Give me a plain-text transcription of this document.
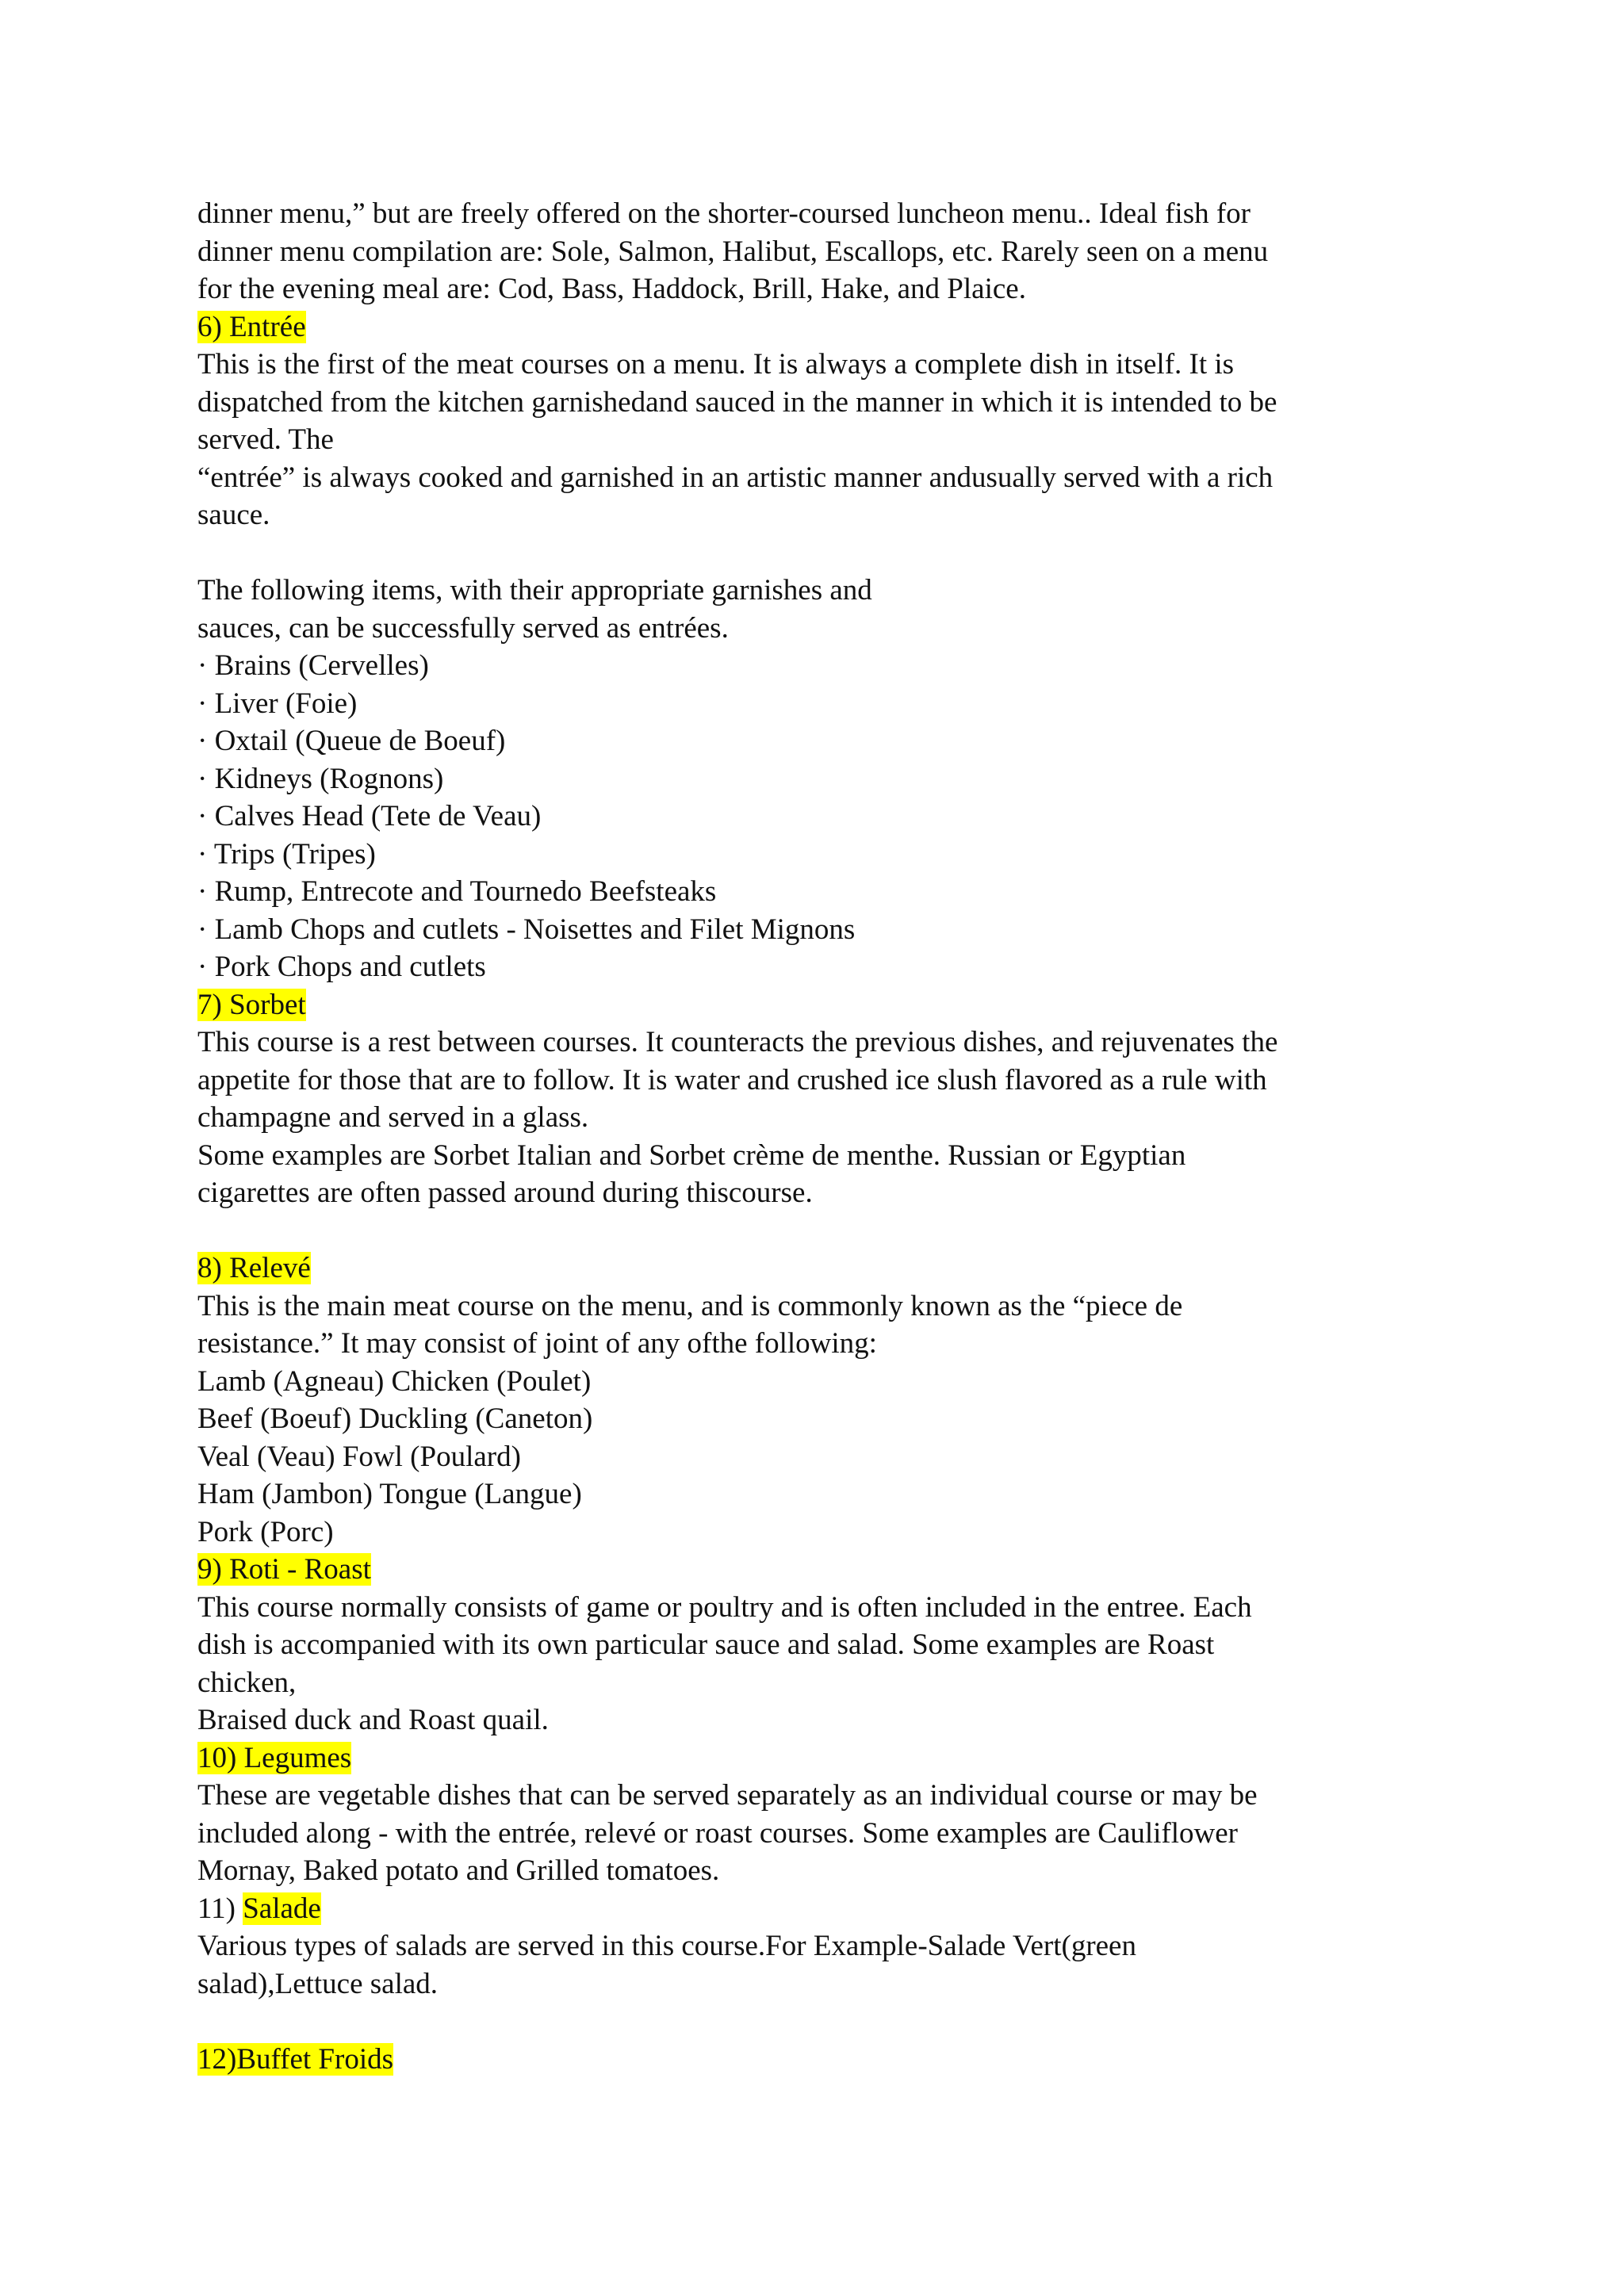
dinner menu,” but are freely offered on the shorter-coursed luncheon menu.. Ideal fish for
dinner menu compilation are: Sole, Salmon, Halibut, Escallops, etc. Rarely seen on a menu
for the evening meal are: Cod, Bass, Haddock, Brill, Hake, and Plaice.
6) Entrée
This is the first of the meat courses on a menu. It is always a complete dish in itself. It is
dispatched from the kitchen garnishedand sauced in the manner in which it is intended to be
served. The
“entrée” is always cooked and garnished in an artistic manner andusually served with a rich
sauce.
The following items, with their appropriate garnishes and
sauces, can be successfully served as entrées.
· Brains (Cervelles)
· Liver (Foie)
· Oxtail (Queue de Boeuf)
· Kidneys (Rognons)
· Calves Head (Tete de Veau)
· Trips (Tripes)
· Rump, Entrecote and Tournedo Beefsteaks
· Lamb Chops and cutlets - Noisettes and Filet Mignons
· Pork Chops and cutlets
7) Sorbet
This course is a rest between courses. It counteracts the previous dishes, and rejuvenates the
appetite for those that are to follow. It is water and crushed ice slush flavored as a rule with
champagne and served in a glass.
Some examples are Sorbet Italian and Sorbet crème de menthe. Russian or Egyptian
cigarettes are often passed around during thiscourse.
8) Relevé
This is the main meat course on the menu, and is commonly known as the “piece de
resistance.” It may consist of joint of any ofthe following:
Lamb (Agneau) Chicken (Poulet)
Beef (Boeuf) Duckling (Caneton)
Veal (Veau) Fowl (Poulard)
Ham (Jambon) Tongue (Langue)
Pork (Porc)
9) Roti - Roast
This course normally consists of game or poultry and is often included in the entree. Each
dish is accompanied with its own particular sauce and salad. Some examples are Roast
chicken,
Braised duck and Roast quail.
10) Legumes
These are vegetable dishes that can be served separately as an individual course or may be
included along - with the entrée, relevé or roast courses. Some examples are Cauliflower
Mornay, Baked potato and Grilled tomatoes.
11) Salade
Various types of salads are served in this course.For Example-Salade Vert(green
salad),Lettuce salad.
12)Buffet Froids
